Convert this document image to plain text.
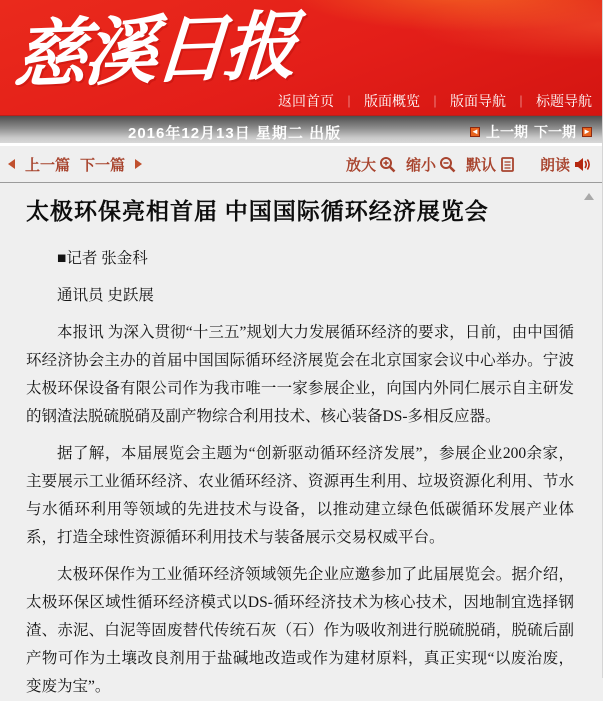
慈溪日报
返回首页 ｜ 版面概览 ｜ 版面导航 ｜ 标题导航
2016年12月13日 星期二 出版	◄ 上一期 下一期 ►
上一篇 下一篇	放大 缩小 默认	朗读
太极环保亮相首届 中国国际循环经济展览会

■记者 张金科

通讯员 史跃展

本报讯 为深入贯彻“十三五”规划大力发展循环经济的要求，日前，由中国循环经济协会主办的首届中国国际循环经济展览会在北京国家会议中心举办。宁波太极环保设备有限公司作为我市唯一一家参展企业，向国内外同仁展示自主研发的钢渣法脱硫脱硝及副产物综合利用技术、核心装备DS-多相反应器。

据了解，本届展览会主题为“创新驱动循环经济发展”，参展企业200余家，主要展示工业循环经济、农业循环经济、资源再生利用、垃圾资源化利用、节水与水循环利用等领域的先进技术与设备，以推动建立绿色低碳循环发展产业体系，打造全球性资源循环利用技术与装备展示交易权威平台。

太极环保作为工业循环经济领域领先企业应邀参加了此届展览会。据介绍，太极环保区域性循环经济模式以DS-循环经济技术为核心技术，因地制宜选择钢渣、赤泥、白泥等固废替代传统石灰（石）作为吸收剂进行脱硫脱硝，脱硫后副产物可作为土壤改良剂用于盐碱地改造或作为建材原料，真正实现“以废治废，变废为宝”。
